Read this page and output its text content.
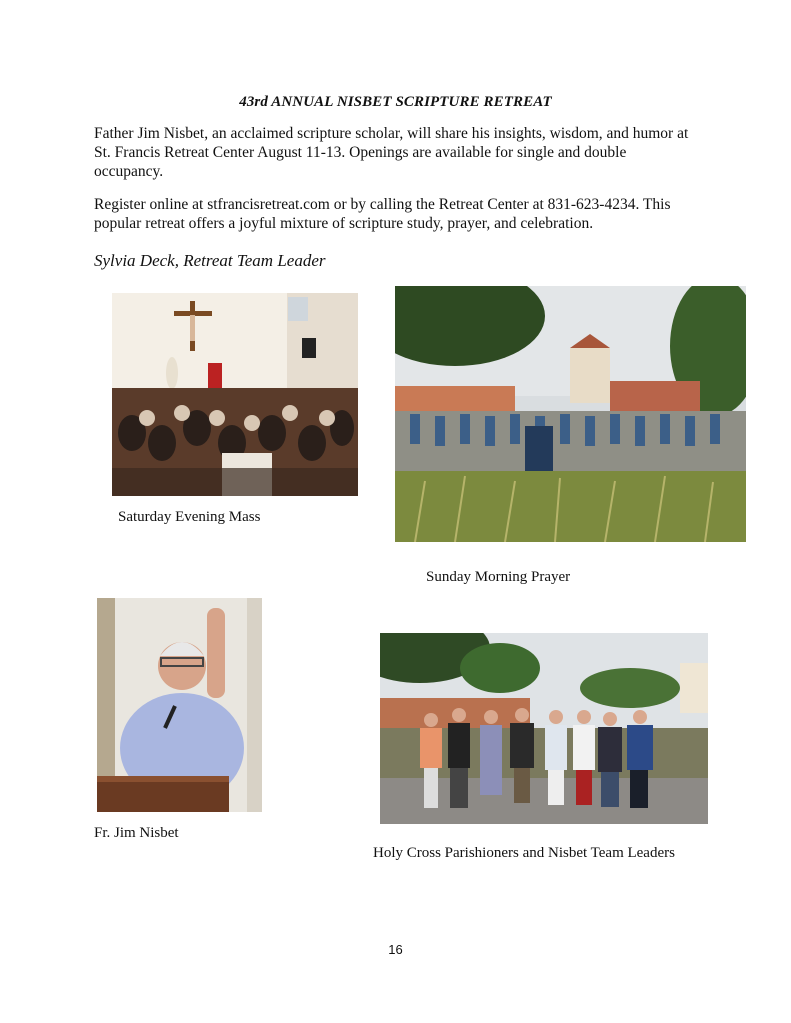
43rd ANNUAL NISBET SCRIPTURE RETREAT
Father Jim Nisbet, an acclaimed scripture scholar, will share his insights, wisdom, and humor at St. Francis Retreat Center August 11-13. Openings are available for single and double occupancy.
Register online at stfrancisretreat.com or by calling the Retreat Center at 831-623-4234. This popular retreat offers a joyful mixture of scripture study, prayer, and celebration.
Sylvia Deck, Retreat Team Leader
Saturday Evening Mass
Sunday Morning Prayer
Fr. Jim Nisbet
Holy Cross Parishioners and Nisbet Team Leaders
16
